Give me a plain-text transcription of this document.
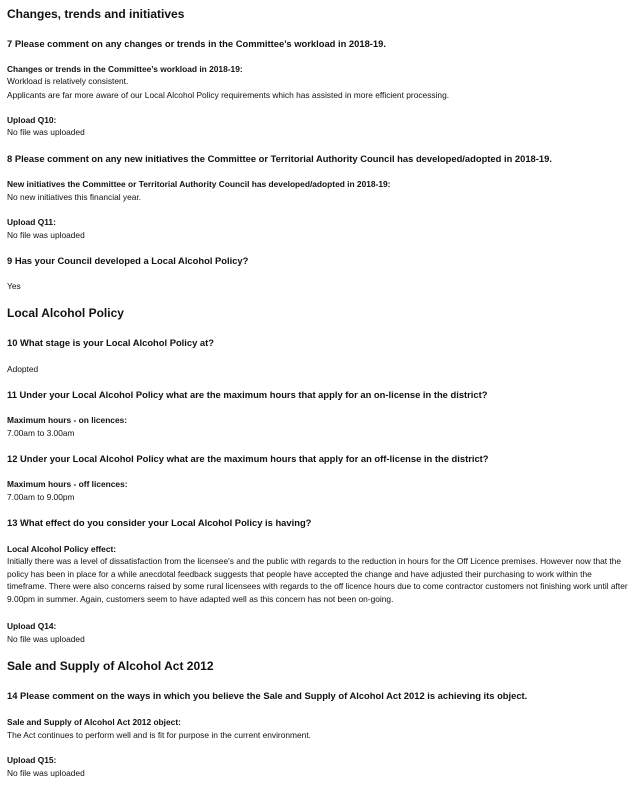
Changes, trends and initiatives
7 Please comment on any changes or trends in the Committee’s workload in 2018-19.
Changes or trends in the Committee’s workload in 2018-19:
Workload is relatively consistent.
Applicants are far more aware of our Local Alcohol Policy requirements which has assisted in more efficient processing.
Upload Q10:
No file was uploaded
8 Please comment on any new initiatives the Committee or Territorial Authority Council has developed/adopted in 2018-19.
New initiatives the Committee or Territorial Authority Council has developed/adopted in 2018-19:
No new initiatives this financial year.
Upload Q11:
No file was uploaded
9 Has your Council developed a Local Alcohol Policy?
Yes
Local Alcohol Policy
10 What stage is your Local Alcohol Policy at?
Adopted
11 Under your Local Alcohol Policy what are the maximum hours that apply for an on-license in the district?
Maximum hours - on licences:
7.00am to 3.00am
12 Under your Local Alcohol Policy what are the maximum hours that apply for an off-license in the district?
Maximum hours - off licences:
7.00am to 9.00pm
13 What effect do you consider your Local Alcohol Policy is having?
Local Alcohol Policy effect:
Initially there was a level of dissatisfaction from the licensee's and the public with regards to the reduction in hours for the Off Licence premises. However now that the policy has been in place for a while anecdotal feedback suggests that people have accepted the change and have adjusted their purchasing to work within the timeframe. There were also concerns raised by some rural licensees with regards to the off licence hours due to come contractor customers not finishing work until after 9.00pm in summer. Again, customers seem to have adapted well as this concern has not been on-going.
Upload Q14:
No file was uploaded
Sale and Supply of Alcohol Act 2012
14 Please comment on the ways in which you believe the Sale and Supply of Alcohol Act 2012 is achieving its object.
Sale and Supply of Alcohol Act 2012 object:
The Act continues to perform well and is fit for purpose in the current environment.
Upload Q15:
No file was uploaded
